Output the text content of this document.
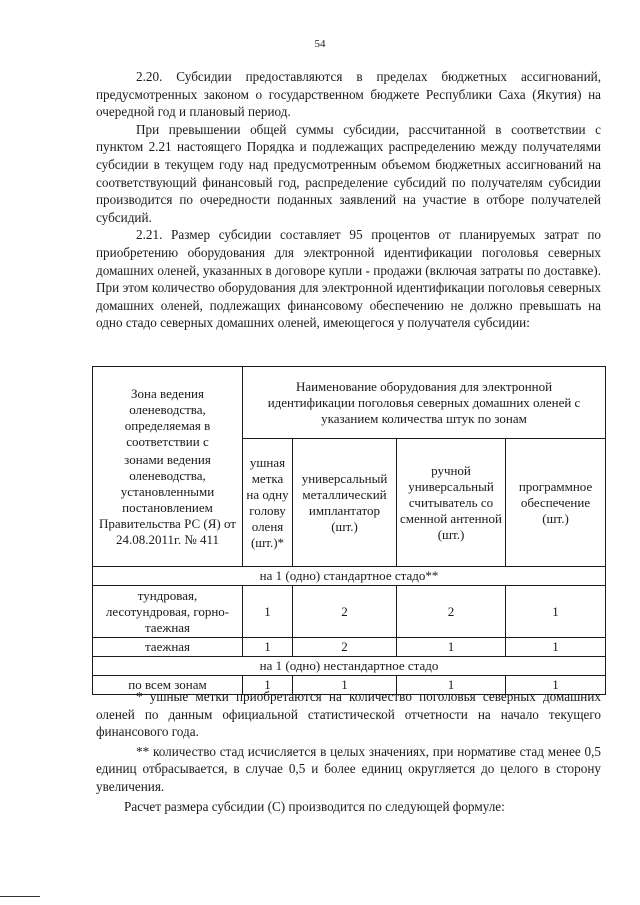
54

2.20. Субсидии предоставляются в пределах бюджетных ассигнований, предусмотренных законом о государственном бюджете Республики Саха (Якутия) на очередной год и плановый период.

При превышении общей суммы субсидии, рассчитанной в соответствии с пунктом 2.21 настоящего Порядка и подлежащих распределению между получателями субсидии в текущем году над предусмотренным объемом бюджетных ассигнований на соответствующий финансовый год, распределение субсидий по получателям субсидии производится по очередности поданных заявлений на участие в отборе получателей субсидий.

2.21. Размер субсидии составляет 95 процентов от планируемых затрат по приобретению оборудования для электронной идентификации поголовья северных домашних оленей, указанных в договоре купли - продажи (включая затраты по доставке). При этом количество оборудования для электронной идентификации поголовья северных домашних оленей, подлежащих финансовому обеспечению не должно превышать на одно стадо северных домашних оленей, имеющегося у получателя субсидии:

Зона ведения оленеводства, определяемая в соответствии с
зонами ведения оленеводства, установленными постановлением Правительства РС (Я) от 24.08.2011г. № 411	Наименование оборудования для электронной идентификации поголовья северных домашних оленей с указанием количества штук по зонам			
	ушная метка на одну голову оленя (шт.)*	универсальный металлический имплантатор (шт.)	ручной универсальный считыватель со сменной антенной (шт.)	программное обеспечение (шт.)
на 1 (одно) стандартное стадо**				
тундровая, лесотундровая, горно-таежная	1	2	2	1
таежная	1	2	1	1
на 1 (одно) нестандартное стадо				
по всем зонам	1	1	1	1

* ушные метки приобретаются на количество поголовья северных домашних оленей по данным официальной статистической отчетности на начало текущего финансового года.

** количество стад исчисляется в целых значениях, при нормативе стад менее 0,5 единиц отбрасывается, в случае 0,5 и более единиц округляется до целого в сторону увеличения.

Расчет размера субсидии (С) производится по следующей формуле:
